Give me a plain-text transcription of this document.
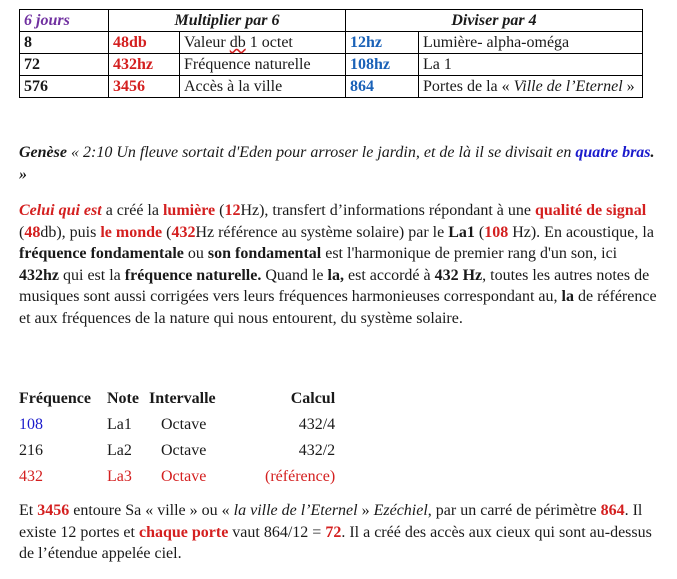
6 jours	Multiplier par 6		Diviser par 4	
8	48db	Valeur db 1 octet	12hz	Lumière- alpha-oméga
72	432hz	Fréquence naturelle	108hz	La 1
576	3456	Accès à la ville	864	Portes de la « Ville de l’Eternel »

Genèse « 2:10 Un fleuve sortait d'Eden pour arroser le jardin, et de là il se divisait en quatre bras. »

Celui qui est a créé la lumière (12Hz), transfert d’informations répondant à une qualité de signal (48db), puis le monde (432Hz référence au système solaire) par le La1 (108 Hz). En acoustique, la fréquence fondamentale ou son fondamental est l'harmonique de premier rang d'un son, ici 432hz qui est la fréquence naturelle. Quand le la, est accordé à 432 Hz, toutes les autres notes de musiques sont aussi corrigées vers leurs fréquences harmonieuses correspondant au, la de référence et aux fréquences de la nature qui nous entourent, du système solaire.

Fréquence	Note	Intervalle	Calcul
108	La1	Octave	432/4
216	La2	Octave	432/2
432	La3	Octave	(référence)

Et 3456 entoure Sa « ville » ou « la ville de l’Eternel » Ezéchiel, par un carré de périmètre 864. Il existe 12 portes et chaque porte vaut 864/12 = 72. Il a créé des accès aux cieux qui sont au-dessus de l’étendue appelée ciel.
